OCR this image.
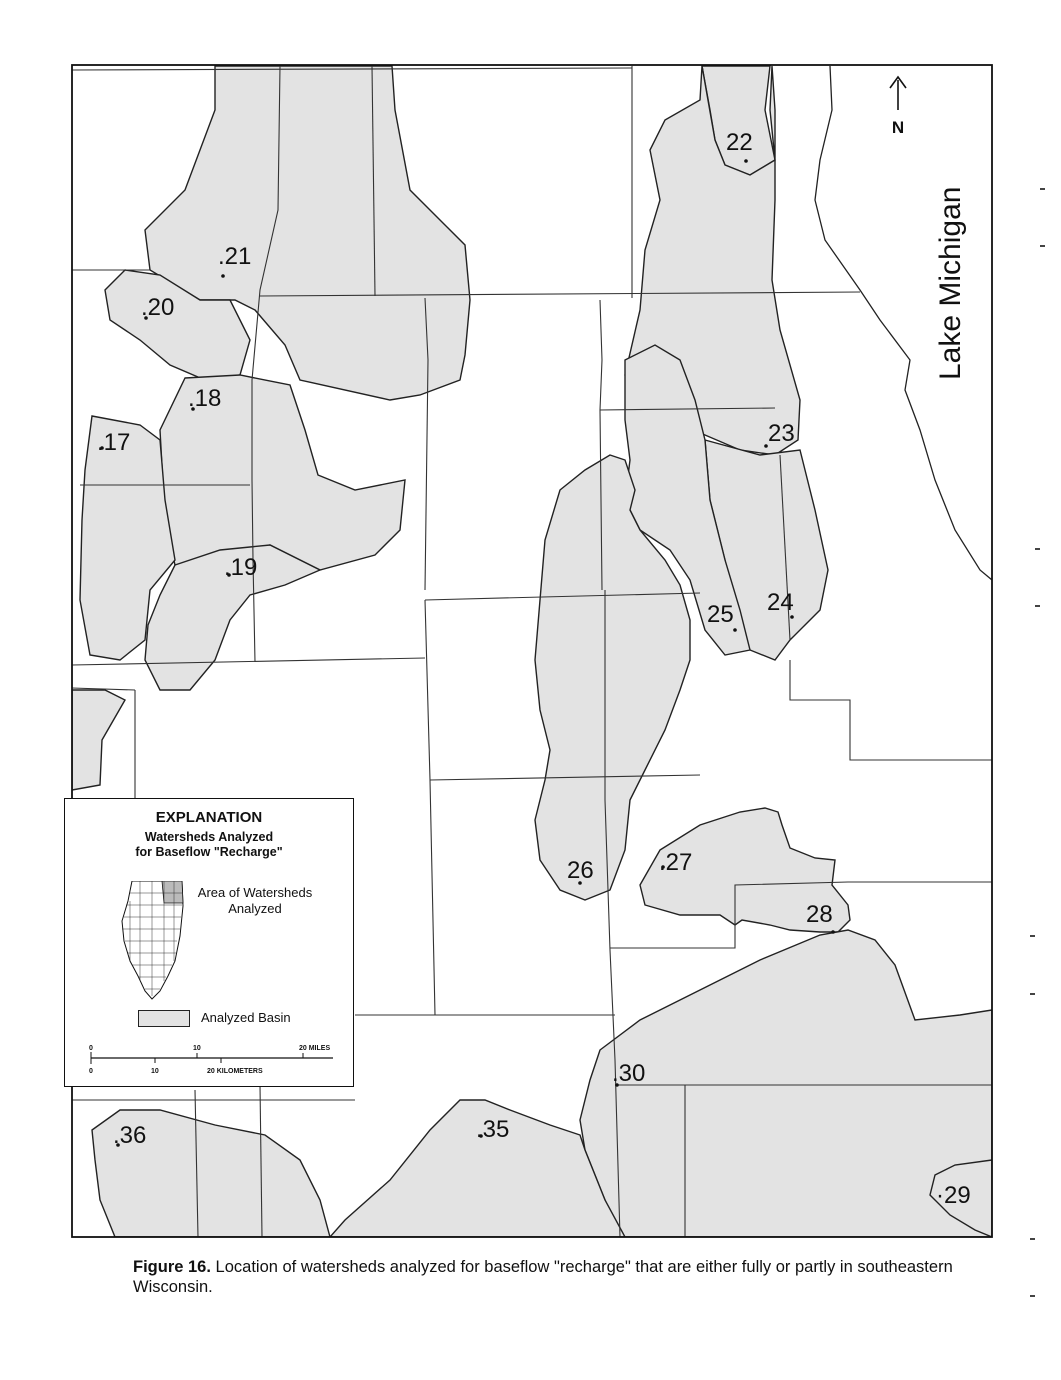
.17
.18
.19
.20
.21
22
23
24
25
26	.27
28
·29
.30
.35
.36
Lake Michigan
N
EXPLANATION
Watersheds Analyzed
for Baseflow "Recharge"
Area of Watersheds Analyzed
Analyzed Basin
0	10	20 MILES
0	10	20 KILOMETERS
Figure 16. Location of watersheds analyzed for baseflow "recharge" that are either fully or partly in southeastern Wisconsin.
